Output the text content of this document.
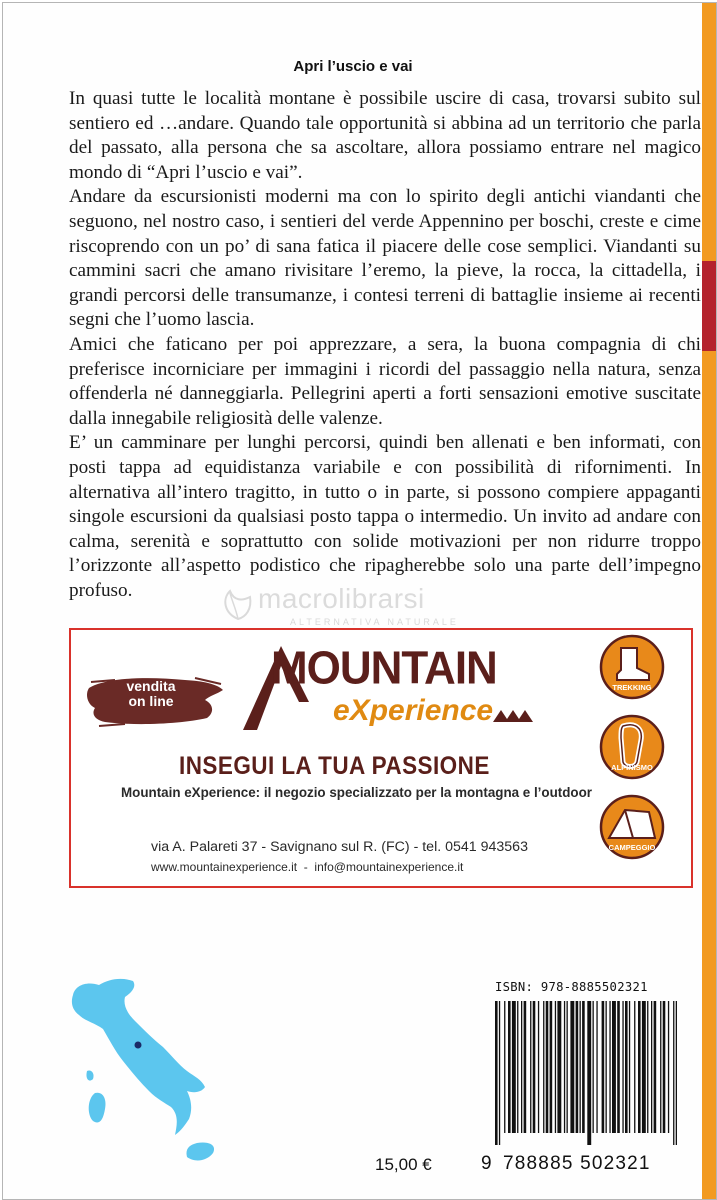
Apri l’uscio e vai

In quasi tutte le località montane è possibile uscire di casa, trovarsi subito sul sentiero ed …andare. Quando tale opportunità si abbina ad un territorio che parla del passato, alla persona che sa ascoltare, allora possiamo entrare nel magico mondo di “Apri l’uscio e vai”.

Andare da escursionisti moderni ma con lo spirito degli antichi viandanti che seguono, nel nostro caso, i sentieri del verde Appennino per boschi, creste e cime riscoprendo con un po’ di sana fatica il piacere delle cose semplici. Viandanti su cammini sacri che amano rivisitare l’eremo, la pieve, la rocca, la cittadella, i grandi percorsi delle transumanze, i contesi terreni di battaglie insieme ai recenti segni che l’uomo lascia.

Amici che faticano per poi apprezzare, a sera, la buona compagnia di chi preferisce incorniciare per immagini i ricordi del passaggio nella natura, senza offenderla né danneggiarla. Pellegrini aperti a forti sensazioni emotive suscitate dalla innegabile religiosità delle valenze.

E’ un camminare per lunghi percorsi, quindi ben allenati e ben informati, con posti tappa ad equidistanza variabile e con possibilità di rifornimenti. In alternativa all’intero tragitto, in tutto o in parte, si possono compiere appaganti singole escursioni da qualsiasi posto tappa o intermedio. Un invito ad andare con calma, serenità e soprattutto con solide motivazioni per non ridurre troppo l’orizzonte all’aspetto podistico che ripagherebbe solo una parte dell’impegno profuso.	macrolibrarsi
ALTERNATIVA NATURALE
vendita
on line
MOUNTAIN
eXperience
INSEGUI LA TUA PASSIONE
Mountain eXperience: il negozio specializzato per la montagna e l’outdoor
via A. Palareti 37 - Savignano sul R. (FC) - tel. 0541 943563
www.mountainexperience.it  -  info@mountainexperience.it
TREKKING
ALPINISMO
CAMPEGGIO
ISBN: 978-8885502321
9 788885 502321
15,00 €
